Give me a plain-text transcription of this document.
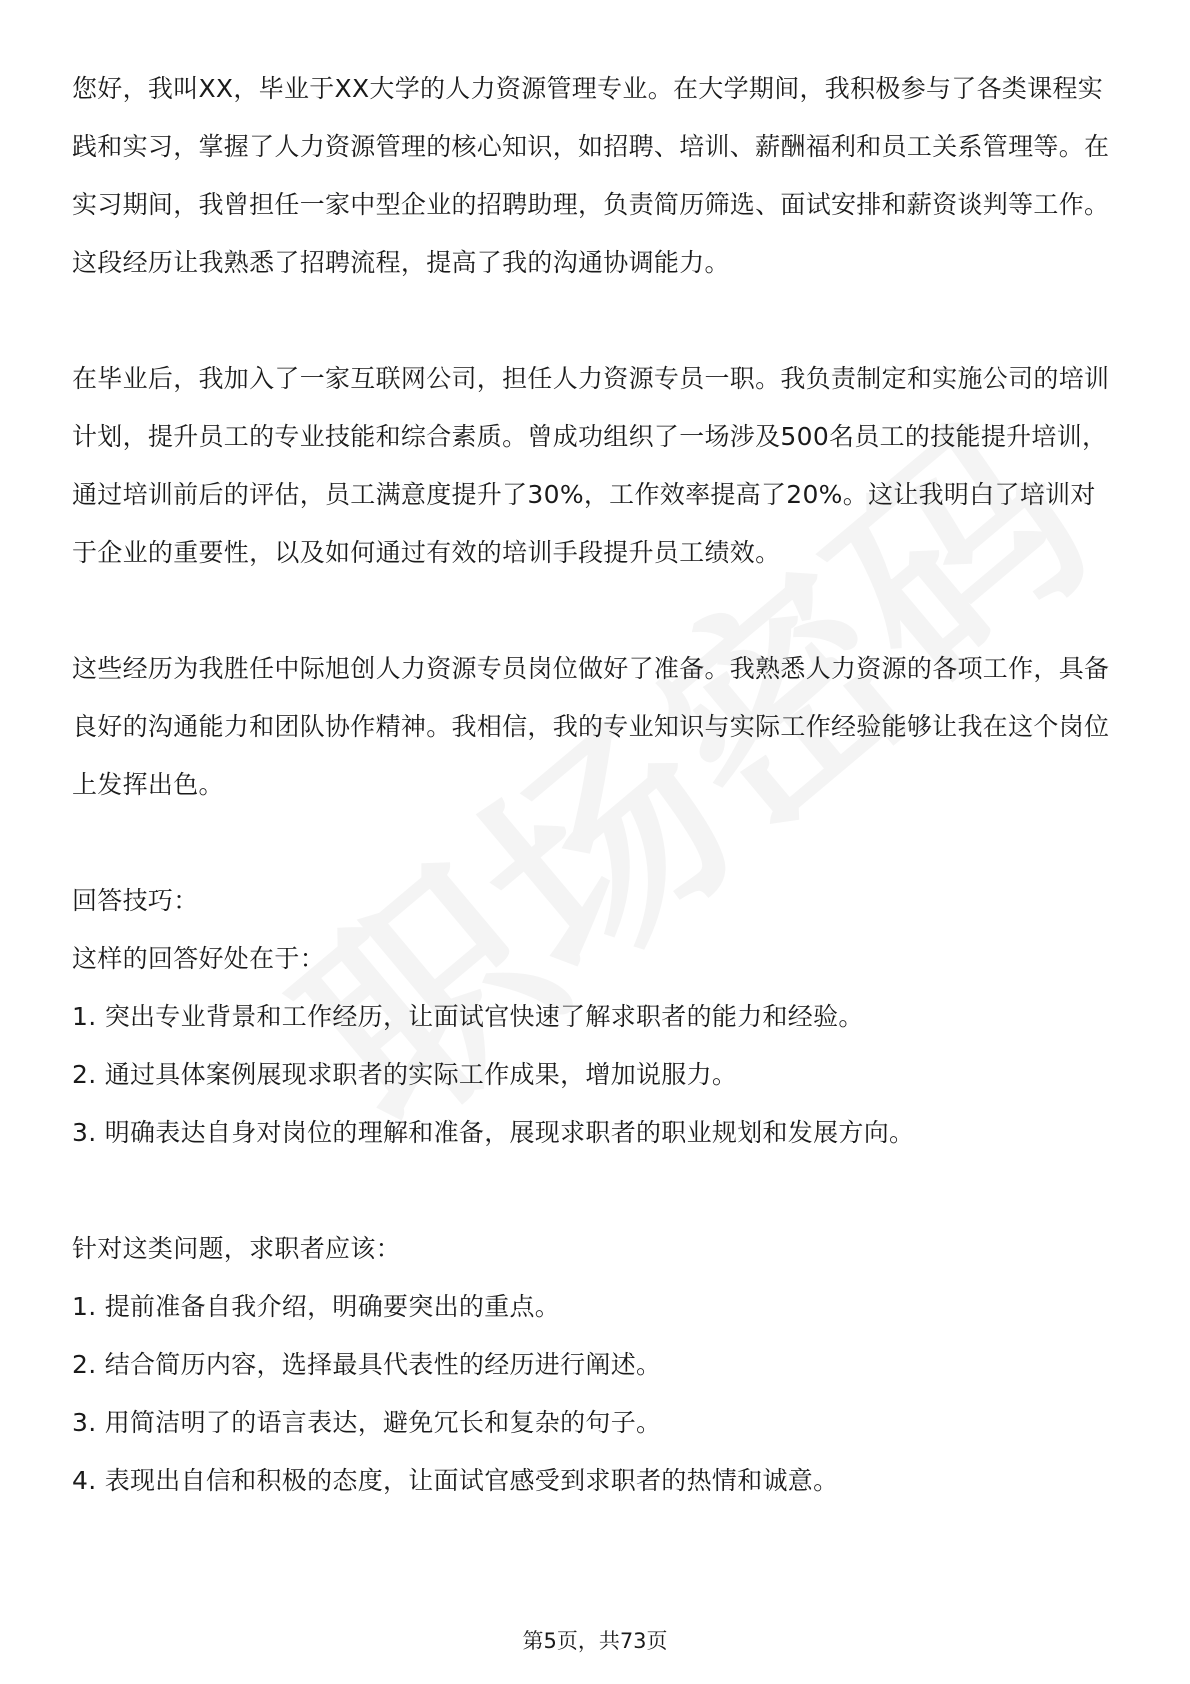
您好，我叫XX，毕业于XX大学的人力资源管理专业。在大学期间，我积极参与了各类课程实践和实习，掌握了人力资源管理的核心知识，如招聘、培训、薪酬福利和员工关系管理等。在实习期间，我曾担任一家中型企业的招聘助理，负责简历筛选、面试安排和薪资谈判等工作。这段经历让我熟悉了招聘流程，提高了我的沟通协调能力。

在毕业后，我加入了一家互联网公司，担任人力资源专员一职。我负责制定和实施公司的培训计划，提升员工的专业技能和综合素质。曾成功组织了一场涉及500名员工的技能提升培训，通过培训前后的评估，员工满意度提升了30%，工作效率提高了20%。这让我明白了培训对于企业的重要性，以及如何通过有效的培训手段提升员工绩效。

这些经历为我胜任中际旭创人力资源专员岗位做好了准备。我熟悉人力资源的各项工作，具备良好的沟通能力和团队协作精神。我相信，我的专业知识与实际工作经验能够让我在这个岗位上发挥出色。

回答技巧：

这样的回答好处在于：

1. 突出专业背景和工作经历，让面试官快速了解求职者的能力和经验。

2. 通过具体案例展现求职者的实际工作成果，增加说服力。

3. 明确表达自身对岗位的理解和准备，展现求职者的职业规划和发展方向。

针对这类问题，求职者应该：

1. 提前准备自我介绍，明确要突出的重点。

2. 结合简历内容，选择最具代表性的经历进行阐述。

3. 用简洁明了的语言表达，避免冗长和复杂的句子。

4. 表现出自信和积极的态度，让面试官感受到求职者的热情和诚意。

第5页，共73页
